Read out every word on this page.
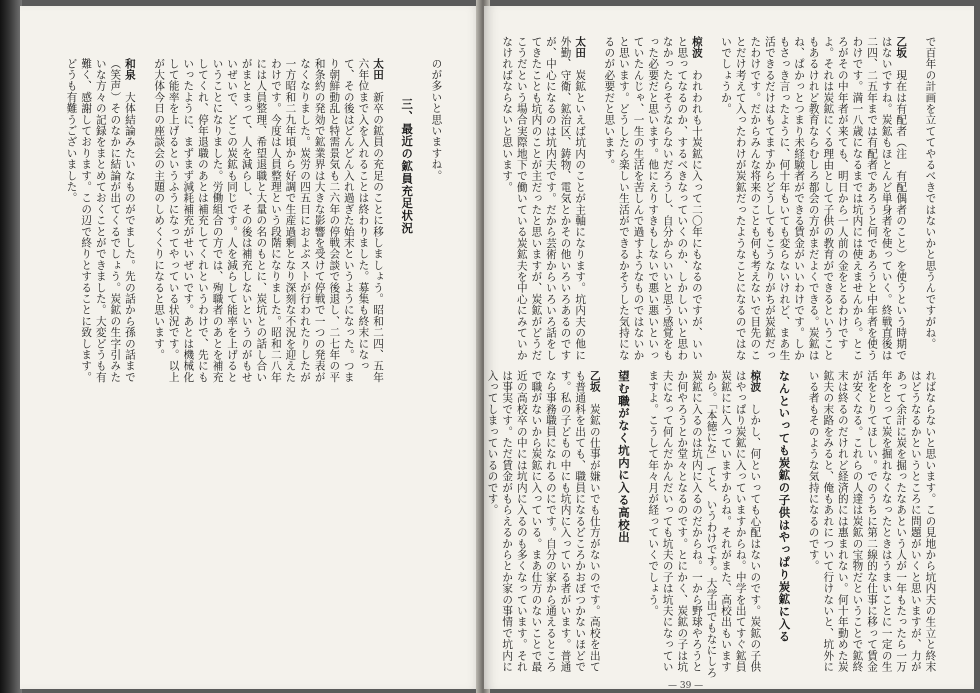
のが多いと思いますね。

三、最近の鉱員充足状況

太田　新卒の鉱員の充足のことに移しましょう。昭和二四、五年六年位まで入を入れることは終わりました。募集も終末になって、その後はどんどん入れ過ぎた始末というようになった。つまり朝鮮動乱と特需景気も二六年の停戦会談で後退し、二七年の平和条約の発効で鉱業界は大きな影響を受けて停戦で一つの発表がなくなりました。炭労の四五日におよぶストが行われたりしたが一方昭和二九年頃から好調で生産過剰となり深刻な不況を迎えたわけです。今度は人員整理という段階になりました。昭和二八年には人員整理、希望退職と大量の名のもとに、炭坑との話し合いがまとまって、人を減らし、その後は補充しないというのがもせいぜいで、どこの炭鉱も同じです。人を減らして能率を上げるということになりました。労働組合の方では、殉職者のあとを補充してくれ、停年退職のあとは補充してくれというわけで、先にもいったように、まずまず減耗補充がせいぜいです。あとは機械化して能率を上げるというふうになってやっている状況です。以上が大体今日の座談会の主題のしめくくりになると思います。

和泉　大体結論みたいなものがでました。先の話から孫の話まで（笑声）そのなかに結論が出てくるでしょう。炭鉱の生字引みたいな方々の記録をまとめておくことができました。大変どうも有難く、感謝しております。この辺で終りとすることに致します。どうも有難うございました。	で百年の計画を立ててやるべきではないかと思うんですがね。

乙坂　現在は有配者（注　有配偶者のこと）を使うという時期ではないですね。炭鉱もほとんど単身者を使っていく。終戦直後は二四、二五年までは有配者であろうと何であろうと中年者を使うわけです。満一八歳になるまでは坑内には使えませんから。ところがその中年者が来ても、明日から一人前の金をとるわけですよ。それは炭鉱にくる理由として子供の教育ができるということもあるけれど教育ならむしろ都会の方がまだよくできる。炭鉱はね、ぱかっとつまり未経験者ができる賃金がいいわけです。しかもさっき言ったように、何十年もいても変らないけれど、まあ生活できるだけはもてますからどうしてもこうなりがちが炭鉱だったわけです。だからみんな将来のことも何も考えないで目先のことだけ考えて入ったわけが炭鉱だったようなことになるのではないでしょうか。

椋波　われわれも十炭鉱に入って二〇年にもなるのですが、いいと思ってなるのか、するべきなっていくのか、しかしいいと思わなかったらそうならないだろうし、自分からいいと思う感覚をもった必要だと思います。他にえりすきもしないで悪い悪いといっていたんじゃ、一生の生活を苦しんで過すようなものではないかと思います。どうしたら楽しい生活ができるかそうした気持になるのが必要だと思います。

太田　炭鉱といえば坑内のことが主軸になります。坑内夫の他に外勤、守衛、鉱治区、鋳物、電気とかその他いろいろあるのですが、中心になるのは坑内夫です。だから芸術からいろいろ話をしてきたことも坑内のことが主だったと思いますが、炭鉱がどうだこうだという場合実際地下で働いている炭鉱夫を中心にみていかなければならないと思います。

ればならないと思います。この見地から坑内夫の生立と終末はどうなるかというところに問題がいくと思いますが、力があって余計に炭を掘ったなあという人が一年もたったら一万年をとって炭を掘れなくなったときはうまいことに一定の生活をとりてほしい。でのうちに第二線的な仕事に移って賃金が安くなる。これらの人達は炭鉱の宝物だということで鉱終末は終るのだけれど経済的には惠まれない。何十年動めた炭鉱夫の末路をみると、俺もあれについて行けないと、坑外にいる者もそのような気持になるのです。

なんといっても炭鉱の子供はやっぱり炭鉱に入る

椋波　しかし、何といっても心配はないのです。炭鉱の子供はやっぱり炭鉱に入っていますからね。中学を出てすぐ鉱員炭鉱にに入っていますからね。それがまた、高校出もいますから。「本徳にな」てと、いうわけです。大学出でもなにしろ炭鉱に入るのは坑内に入るのだからね。一から野球やろうとか何やろうとか堂々となるのです。とにかく、炭鉱の子は坑夫になって何んだかんだいっても坑夫の子は坑夫になっていますよ。こうして年々月が経っていくでしょう。

望む職がなく坑内に入る高校出

乙坂　炭鉱の仕事が嫌いでも仕方がないのです。高校を出ても普通科を出ても、職員になるどころかおぼつかないほどです。私の子どもの中にも坑内に入っている者がいます。普通なら事務職員になれるのにです。自分の家から通えるところで職がないから炭鉱に入っている。まあ仕方のないことで最近の高校卒の中には坑内に入るのも多くなっています。それは事実です。ただ賃金がもらえるからとか家の事情で坑内に入ってしまっているのです。

— 39 —
